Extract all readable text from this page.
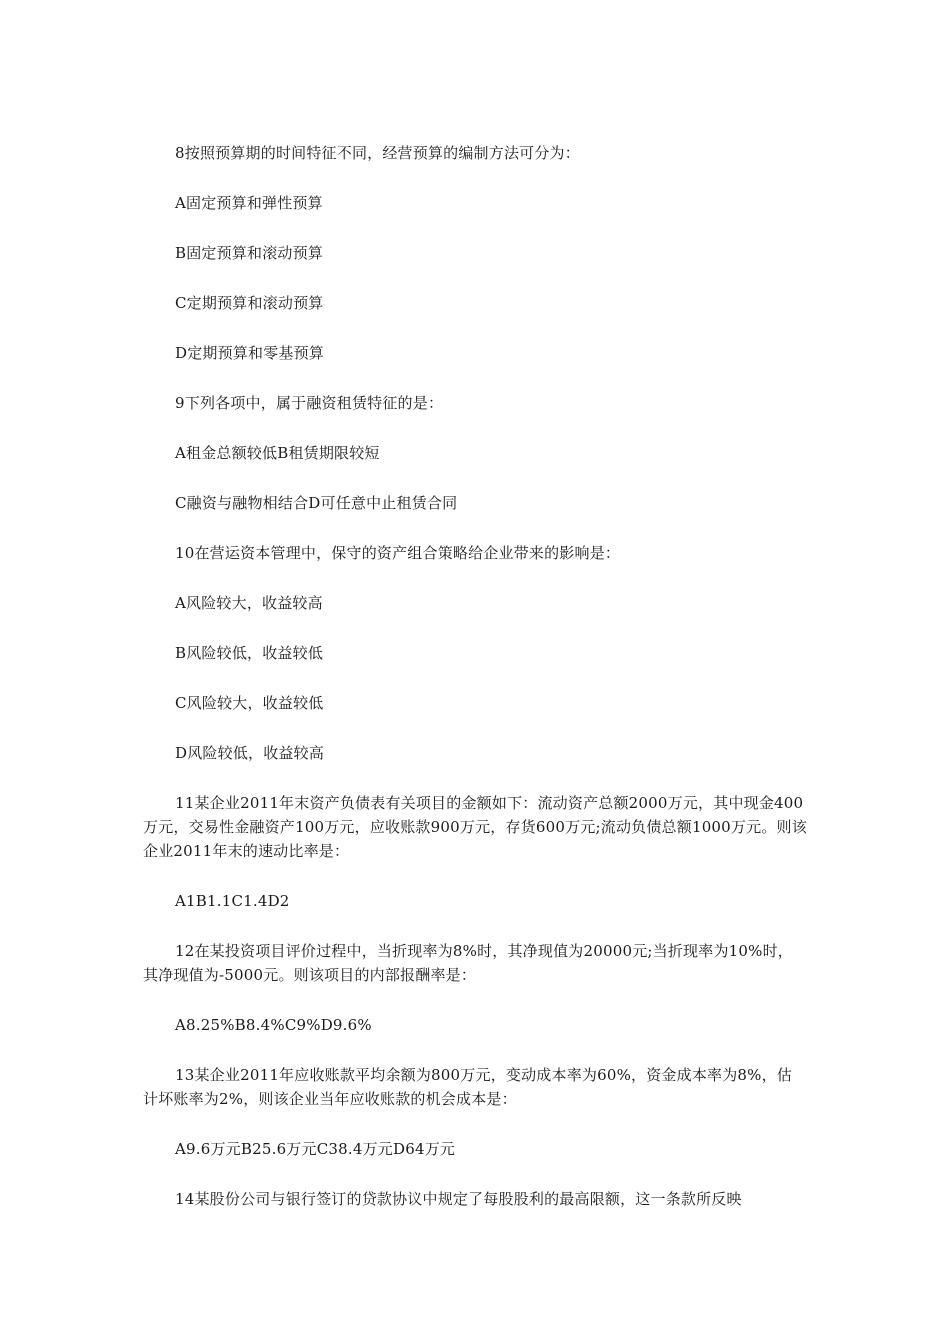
8按照预算期的时间特征不同，经营预算的编制方法可分为：

A固定预算和弹性预算

B固定预算和滚动预算

C定期预算和滚动预算

D定期预算和零基预算

9下列各项中，属于融资租赁特征的是：

A租金总额较低B租赁期限较短

C融资与融物相结合D可任意中止租赁合同

10在营运资本管理中，保守的资产组合策略给企业带来的影响是：

A风险较大，收益较高

B风险较低，收益较低

C风险较大，收益较低

D风险较低，收益较高

11某企业2011年末资产负债表有关项目的金额如下：流动资产总额2000万元，其中现金400万元，交易性金融资产100万元，应收账款900万元，存货600万元;流动负债总额1000万元。则该企业2011年末的速动比率是：

A1B1.1C1.4D2

12在某投资项目评价过程中，当折现率为8%时，其净现值为20000元;当折现率为10%时，其净现值为-5000元。则该项目的内部报酬率是：

A8.25%B8.4%C9%D9.6%

13某企业2011年应收账款平均余额为800万元，变动成本率为60%，资金成本率为8%，估计坏账率为2%，则该企业当年应收账款的机会成本是：

A9.6万元B25.6万元C38.4万元D64万元

14某股份公司与银行签订的贷款协议中规定了每股股利的最高限额，这一条款所反映
